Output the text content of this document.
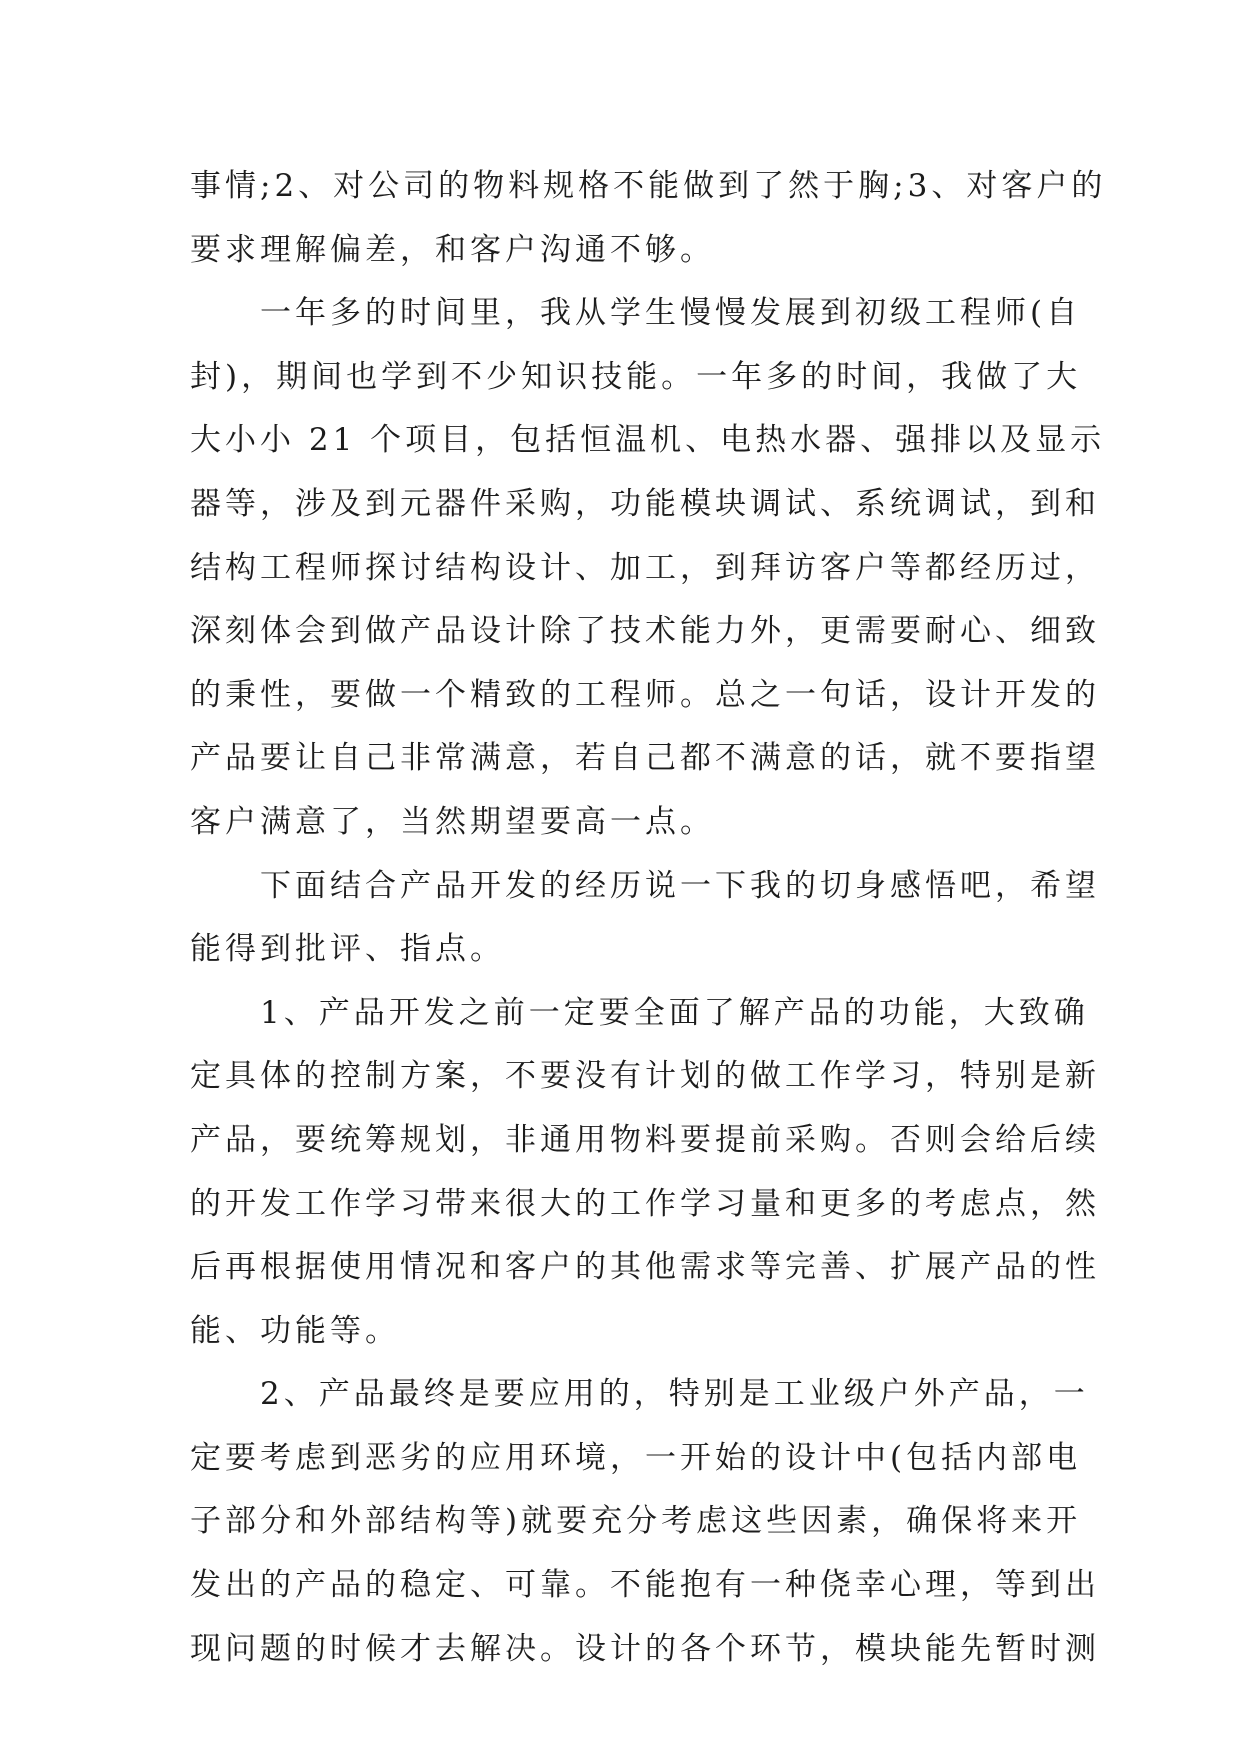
事情;2、对公司的物料规格不能做到了然于胸;3、对客户的
要求理解偏差，和客户沟通不够。
一年多的时间里，我从学生慢慢发展到初级工程师(自
封)，期间也学到不少知识技能。一年多的时间，我做了大
大小小 21 个项目，包括恒温机、电热水器、强排以及显示
器等，涉及到元器件采购，功能模块调试、系统调试，到和
结构工程师探讨结构设计、加工，到拜访客户等都经历过，
深刻体会到做产品设计除了技术能力外，更需要耐心、细致
的秉性，要做一个精致的工程师。总之一句话，设计开发的
产品要让自己非常满意，若自己都不满意的话，就不要指望
客户满意了，当然期望要高一点。
下面结合产品开发的经历说一下我的切身感悟吧，希望
能得到批评、指点。
1、产品开发之前一定要全面了解产品的功能，大致确
定具体的控制方案，不要没有计划的做工作学习，特别是新
产品，要统筹规划，非通用物料要提前采购。否则会给后续
的开发工作学习带来很大的工作学习量和更多的考虑点，然
后再根据使用情况和客户的其他需求等完善、扩展产品的性
能、功能等。
2、产品最终是要应用的，特别是工业级户外产品，一
定要考虑到恶劣的应用环境，一开始的设计中(包括内部电
子部分和外部结构等)就要充分考虑这些因素，确保将来开
发出的产品的稳定、可靠。不能抱有一种侥幸心理，等到出
现问题的时候才去解决。设计的各个环节，模块能先暂时测
